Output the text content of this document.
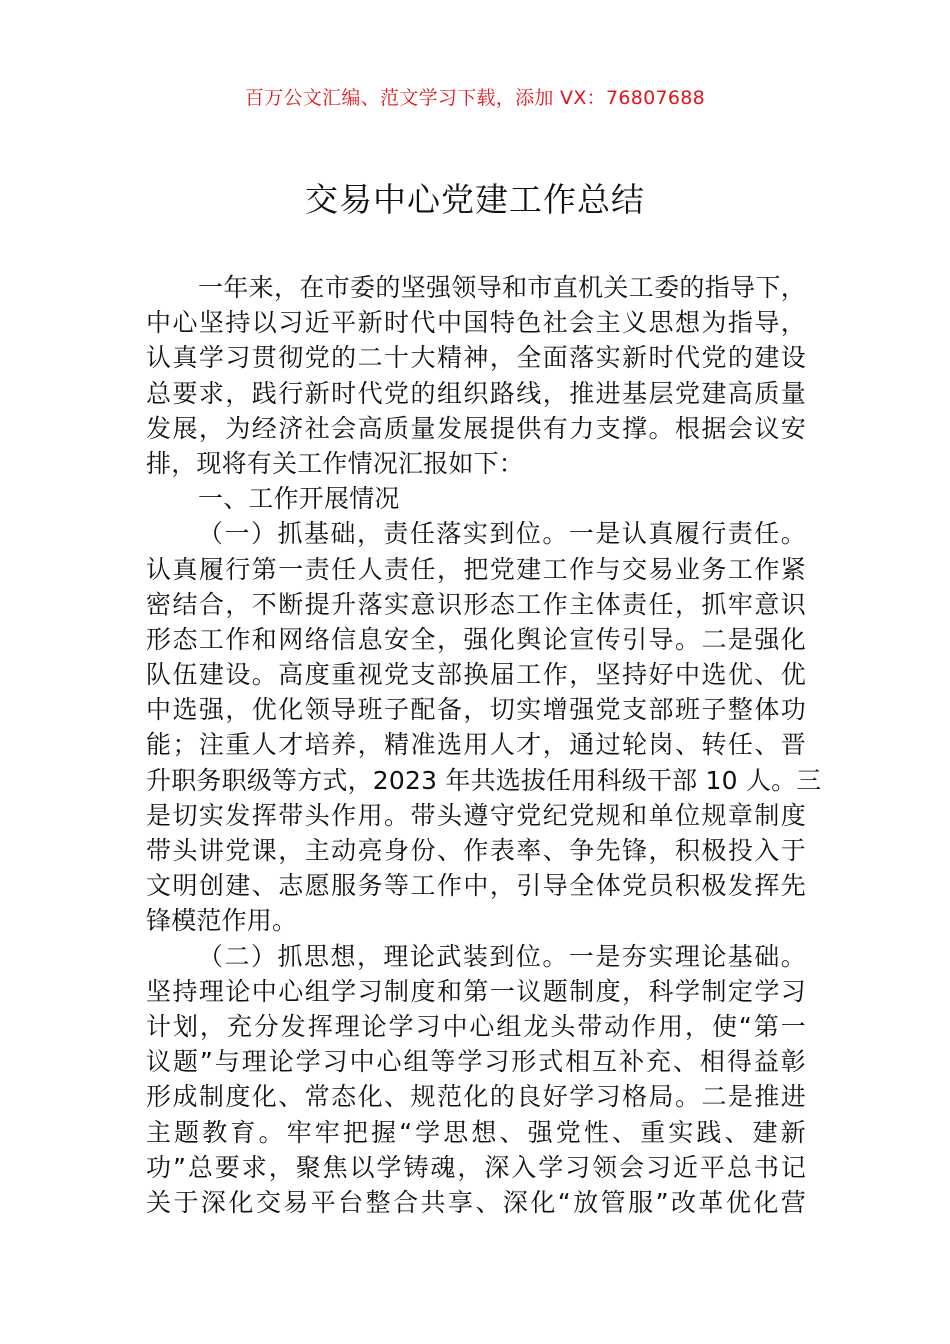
百万公文汇编、范文学习下载，添加 VX：76807688
交易中心党建工作总结
一年来，在市委的坚强领导和市直机关工委的指导下，
中心坚持以习近平新时代中国特色社会主义思想为指导，
认真学习贯彻党的二十大精神，全面落实新时代党的建设
总要求，践行新时代党的组织路线，推进基层党建高质量
发展，为经济社会高质量发展提供有力支撑。根据会议安
排，现将有关工作情况汇报如下：
一、工作开展情况
（一）抓基础，责任落实到位。一是认真履行责任。
认真履行第一责任人责任，把党建工作与交易业务工作紧
密结合，不断提升落实意识形态工作主体责任，抓牢意识
形态工作和网络信息安全，强化舆论宣传引导。二是强化
队伍建设。高度重视党支部换届工作，坚持好中选优、优
中选强，优化领导班子配备，切实增强党支部班子整体功
能；注重人才培养，精准选用人才，通过轮岗、转任、晋
升职务职级等方式，2023 年共选拔任用科级干部 10 人。三
是切实发挥带头作用。带头遵守党纪党规和单位规章制度
带头讲党课，主动亮身份、作表率、争先锋，积极投入于
文明创建、志愿服务等工作中，引导全体党员积极发挥先
锋模范作用。
（二）抓思想，理论武装到位。一是夯实理论基础。
坚持理论中心组学习制度和第一议题制度，科学制定学习
计划，充分发挥理论学习中心组龙头带动作用，使“第一
议题”与理论学习中心组等学习形式相互补充、相得益彰
形成制度化、常态化、规范化的良好学习格局。二是推进
主题教育。牢牢把握“学思想、强党性、重实践、建新
功”总要求，聚焦以学铸魂，深入学习领会习近平总书记
关于深化交易平台整合共享、深化“放管服”改革优化营
